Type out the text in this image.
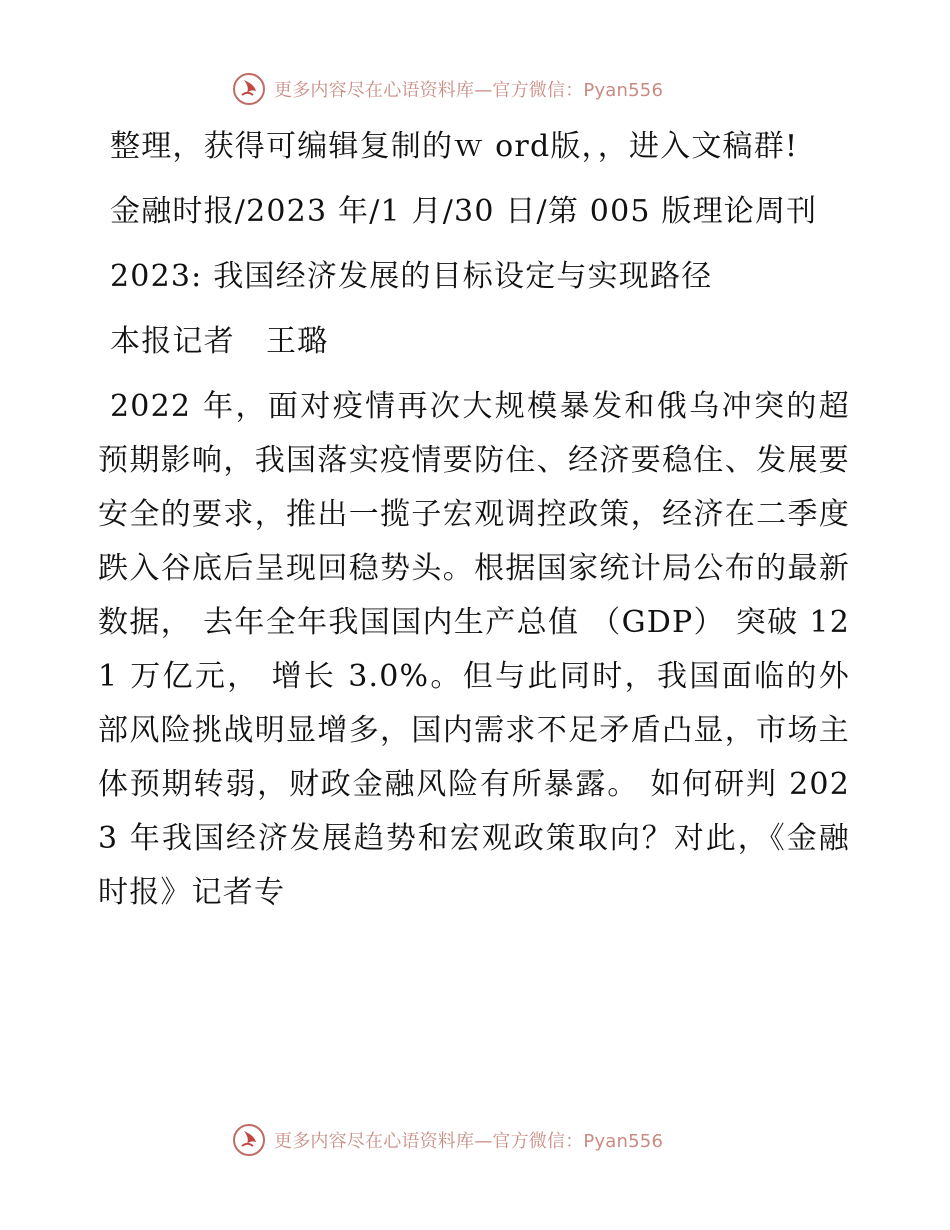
更多内容尽在心语资料库—官方微信：Pyan556

整理，获得可编辑复制的ｗ ord版，，进入文稿群!

金融时报/2023 年/1 月/30 日/第 005 版理论周刊

2023: 我国经济发展的目标设定与实现路径

本报记者　王璐

2022 年，面对疫情再次大规模暴发和俄乌冲突的超预期影响，我国落实疫情要防住、经济要稳住、发展要安全的要求，推出一揽子宏观调控政策，经济在二季度跌入谷底后呈现回稳势头。根据国家统计局公布的最新数据， 去年全年我国国内生产总值 （GDP） 突破 121 万亿元， 增长 3.0%。但与此同时，我国面临的外部风险挑战明显增多，国内需求不足矛盾凸显，市场主体预期转弱，财政金融风险有所暴露。 如何研判 2023 年我国经济发展趋势和宏观政策取向？对此，《金融时报》记者专

更多内容尽在心语资料库—官方微信：Pyan556
